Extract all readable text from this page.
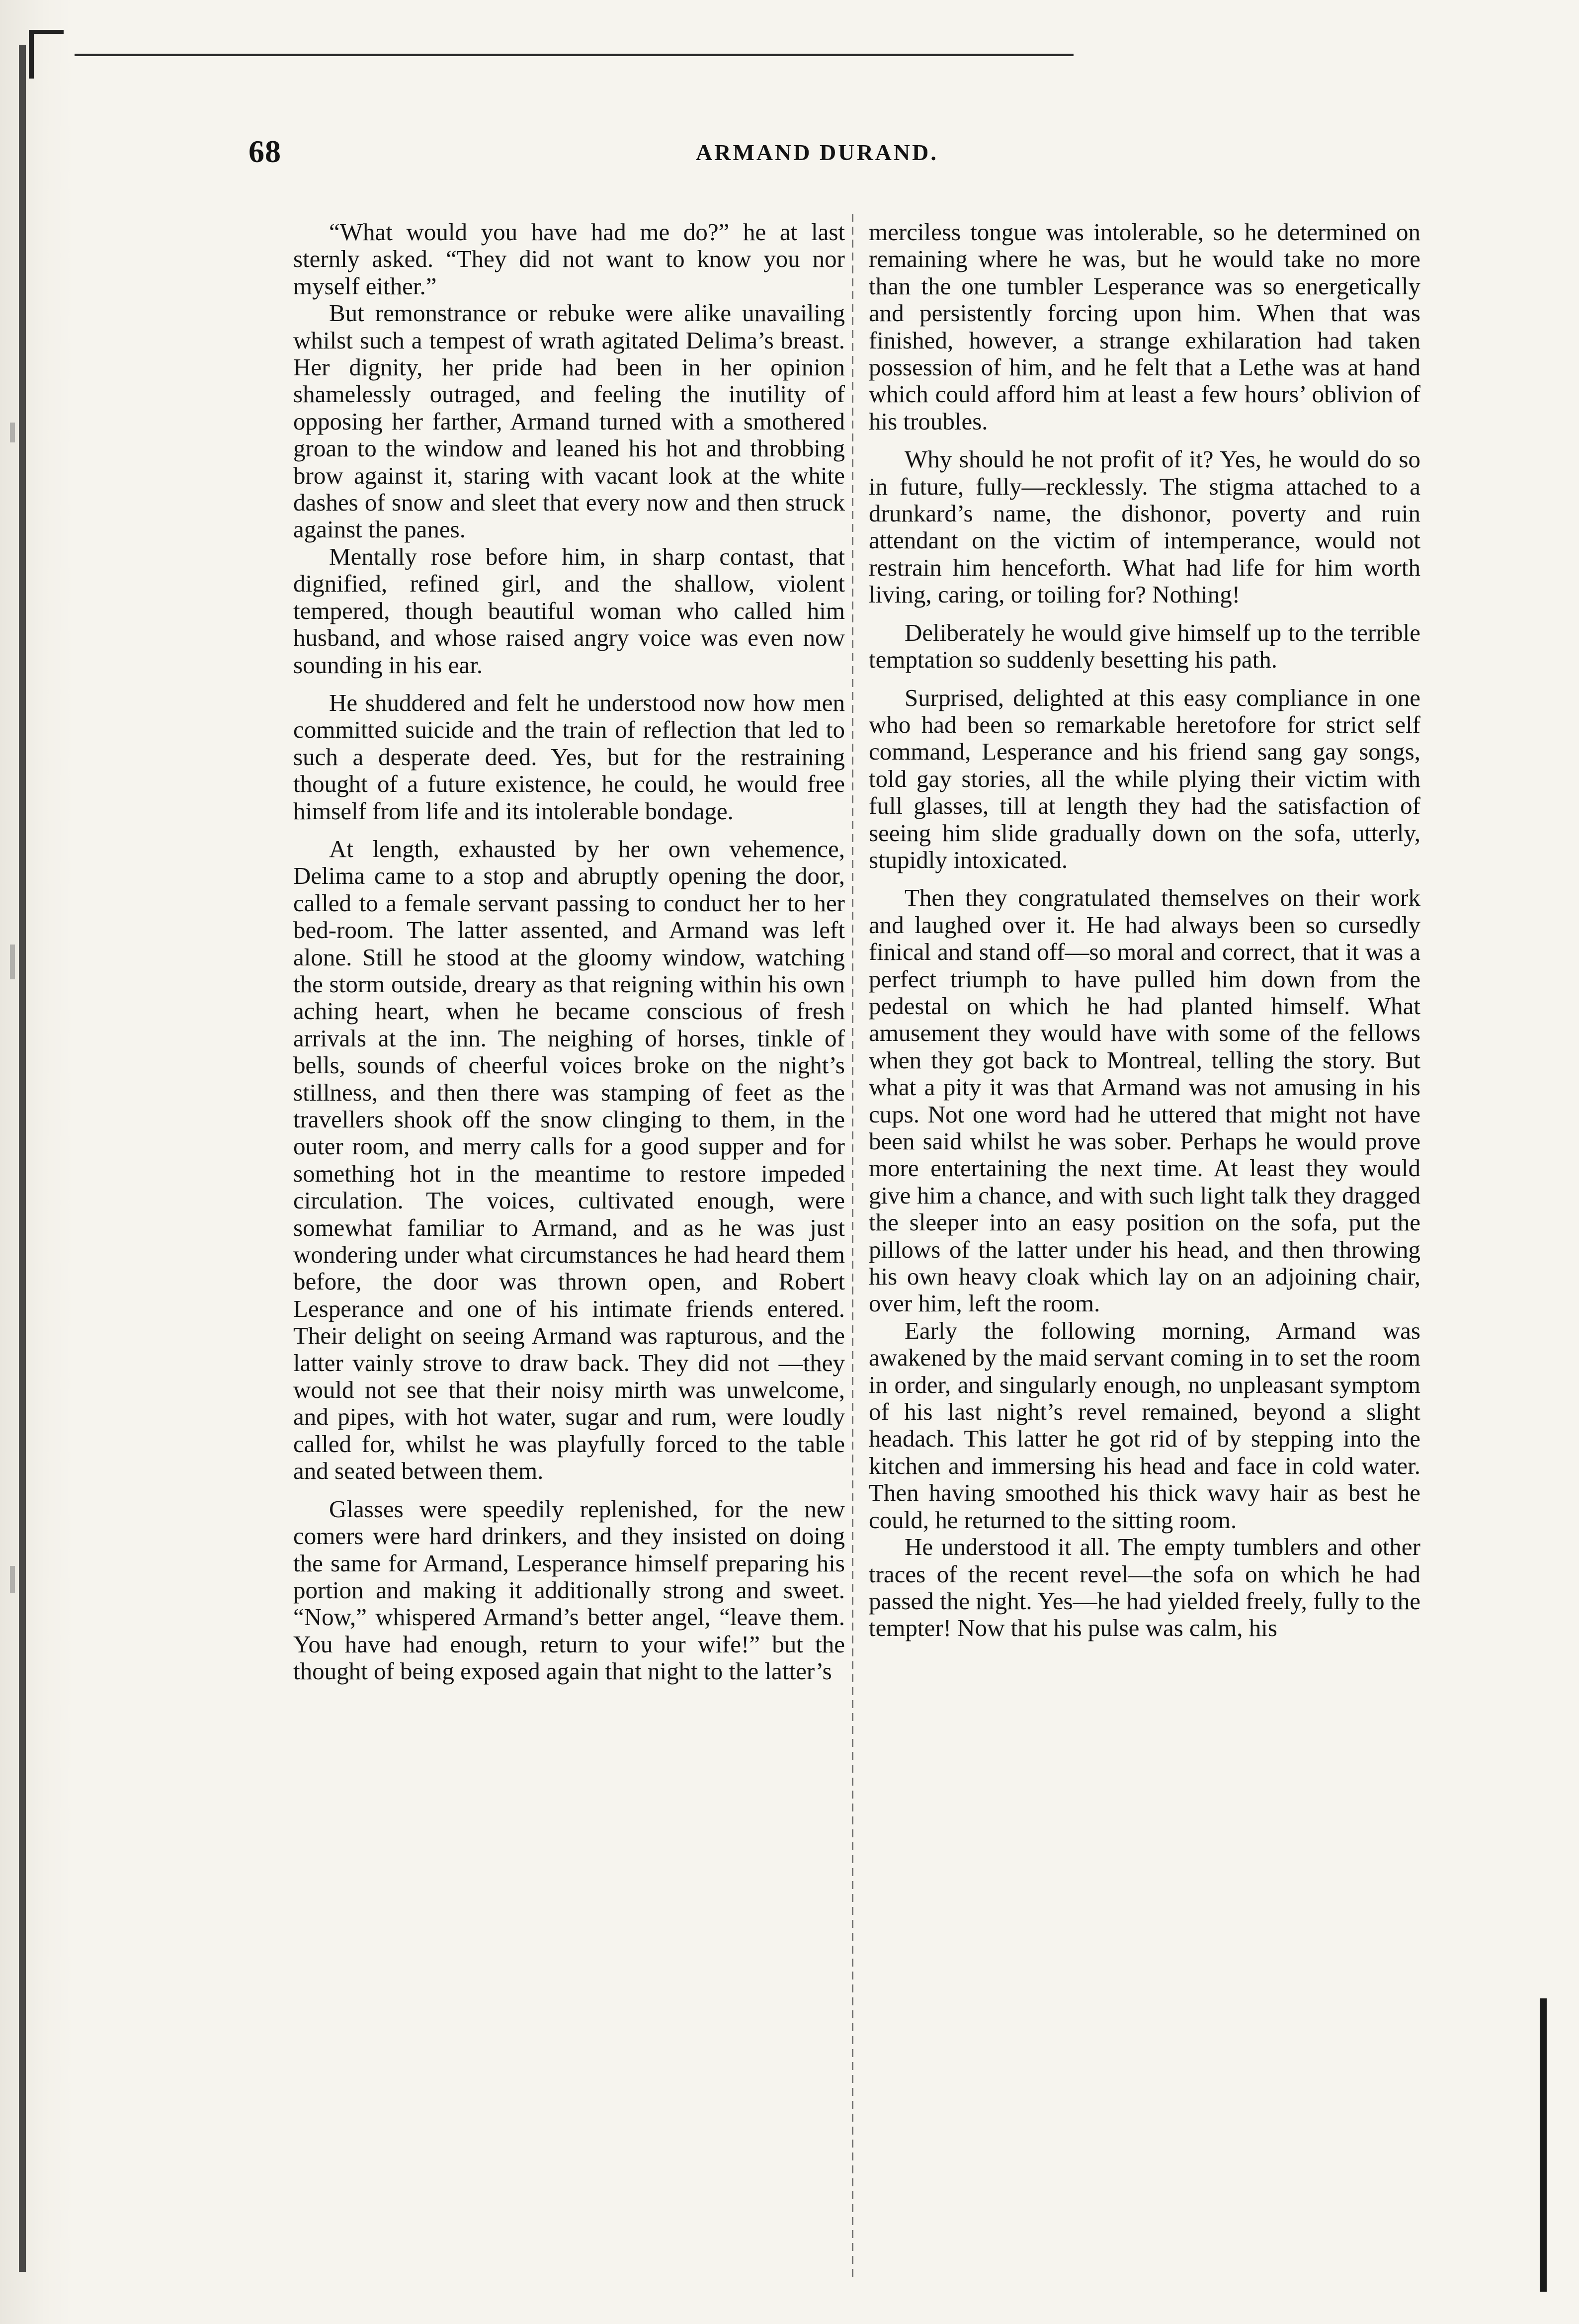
68	ARMAND DURAND.

“What would you have had me do?” he at last sternly asked. “They did not want to know you nor myself either.”

But remonstrance or rebuke were alike unavailing whilst such a tempest of wrath agitated Delima’s breast. Her dignity, her pride had been in her opinion shamelessly outraged, and feeling the inutility of opposing her farther, Armand turned with a smothered groan to the window and leaned his hot and throbbing brow against it, staring with vacant look at the white dashes of snow and sleet that every now and then struck against the panes.

Mentally rose before him, in sharp contast, that dignified, refined girl, and the shallow, violent tempered, though beautiful woman who called him husband, and whose raised angry voice was even now sounding in his ear.

He shuddered and felt he understood now how men committed suicide and the train of reflection that led to such a desperate deed. Yes, but for the restraining thought of a future existence, he could, he would free himself from life and its intolerable bondage.

At length, exhausted by her own vehemence, Delima came to a stop and abruptly opening the door, called to a female servant passing to conduct her to her bed-room. The latter assented, and Armand was left alone. Still he stood at the gloomy window, watching the storm outside, dreary as that reigning within his own aching heart, when he became conscious of fresh arrivals at the inn. The neighing of horses, tinkle of bells, sounds of cheerful voices broke on the night’s stillness, and then there was stamping of feet as the travellers shook off the snow clinging to them, in the outer room, and merry calls for a good supper and for something hot in the meantime to restore impeded circulation. The voices, cultivated enough, were somewhat familiar to Armand, and as he was just wondering under what circumstances he had heard them before, the door was thrown open, and Robert Lesperance and one of his intimate friends entered. Their delight on seeing Armand was rapturous, and the latter vainly strove to draw back. They did not —they would not see that their noisy mirth was unwelcome, and pipes, with hot water, sugar and rum, were loudly called for, whilst he was playfully forced to the table and seated between them.

Glasses were speedily replenished, for the new comers were hard drinkers, and they insisted on doing the same for Armand, Lesperance himself preparing his portion and making it additionally strong and sweet. “Now,” whispered Armand’s better angel, “leave them. You have had enough, return to your wife!” but the thought of being exposed again that night to the latter’s

merciless tongue was intolerable, so he determined on remaining where he was, but he would take no more than the one tumbler Lesperance was so energetically and persistently forcing upon him. When that was finished, however, a strange exhilaration had taken possession of him, and he felt that a Lethe was at hand which could afford him at least a few hours’ oblivion of his troubles.

Why should he not profit of it? Yes, he would do so in future, fully—recklessly. The stigma attached to a drunkard’s name, the dishonor, poverty and ruin attendant on the victim of intemperance, would not restrain him henceforth. What had life for him worth living, caring, or toiling for? Nothing!

Deliberately he would give himself up to the terrible temptation so suddenly besetting his path.

Surprised, delighted at this easy compliance in one who had been so remarkable heretofore for strict self command, Lesperance and his friend sang gay songs, told gay stories, all the while plying their victim with full glasses, till at length they had the satisfaction of seeing him slide gradually down on the sofa, utterly, stupidly intoxicated.

Then they congratulated themselves on their work and laughed over it. He had always been so cursedly finical and stand off—so moral and correct, that it was a perfect triumph to have pulled him down from the pedestal on which he had planted himself. What amusement they would have with some of the fellows when they got back to Montreal, telling the story. But what a pity it was that Armand was not amusing in his cups. Not one word had he uttered that might not have been said whilst he was sober. Perhaps he would prove more entertaining the next time. At least they would give him a chance, and with such light talk they dragged the sleeper into an easy position on the sofa, put the pillows of the latter under his head, and then throwing his own heavy cloak which lay on an adjoining chair, over him, left the room.

Early the following morning, Armand was awakened by the maid servant coming in to set the room in order, and singularly enough, no unpleasant symptom of his last night’s revel remained, beyond a slight headach. This latter he got rid of by stepping into the kitchen and immersing his head and face in cold water. Then having smoothed his thick wavy hair as best he could, he returned to the sitting room.

He understood it all. The empty tumblers and other traces of the recent revel—the sofa on which he had passed the night. Yes—he had yielded freely, fully to the tempter! Now that his pulse was calm, his
